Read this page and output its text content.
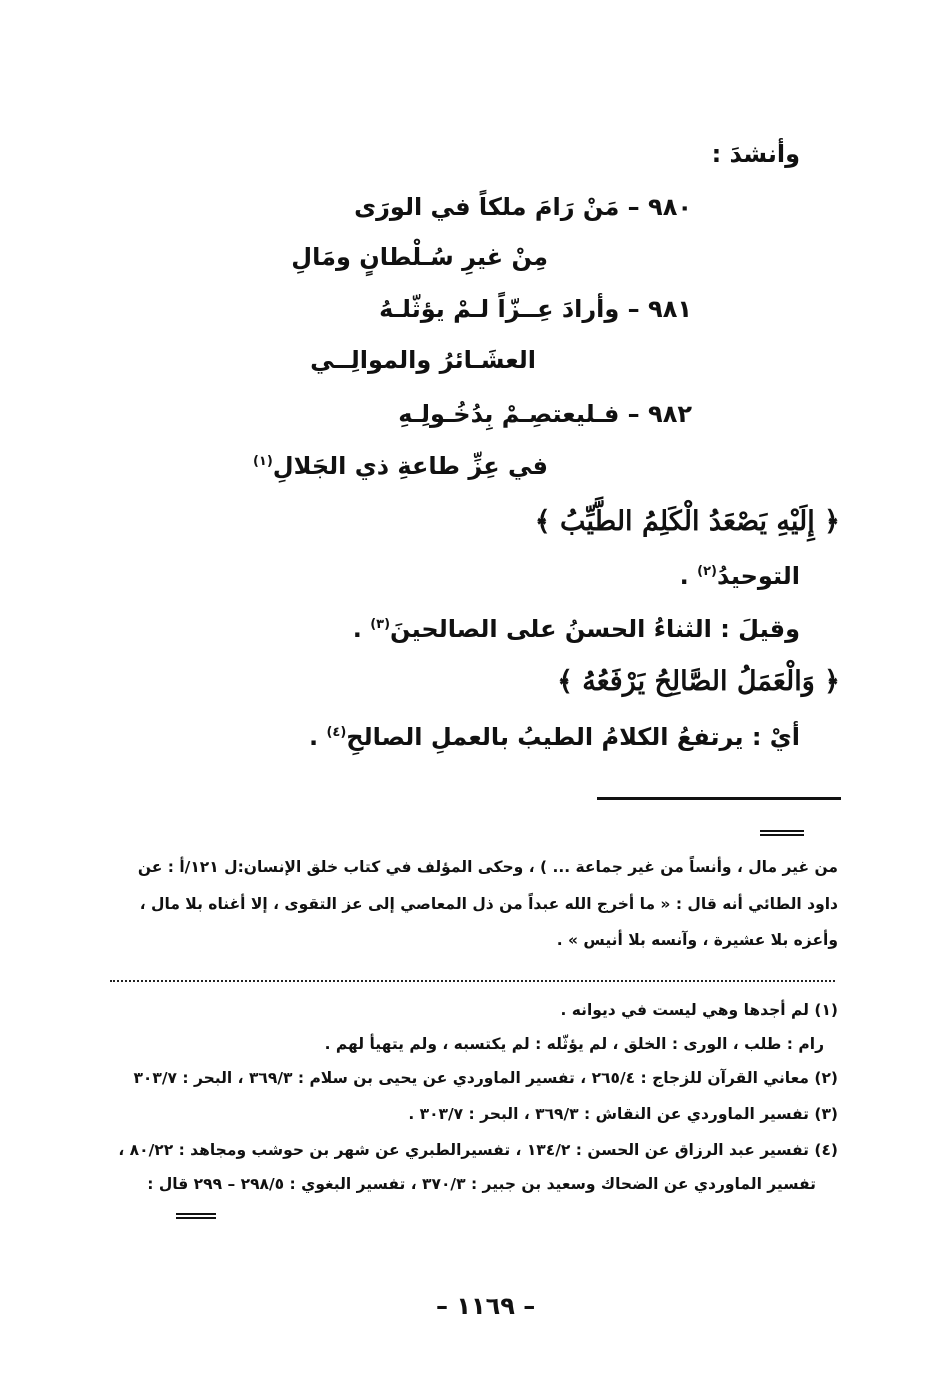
وأنشدَ :
٩٨٠ – مَنْ رَامَ ملكاً في الورَى
مِنْ غيرِ سُـلْطانٍ ومَالِ
٩٨١ – وأرادَ عِــزّاً لـمْ يؤثّلـهُ
العشَـائرُ والموالِــي
٩٨٢ – فـليعتصِـمْ بِدُخُـولِـهِ
في عِزِّ طاعةِ ذي الجَلالِ$^{(١)}$
﴿ إِلَيْهِ يَصْعَدُ الْكَلِمُ الطَّيِّبُ ﴾
التوحيدُ$^{(٢)}$ .
وقيلَ : الثناءُ الحسنُ على الصالحينَ$^{(٣)}$ .
﴿ وَالْعَمَلُ الصَّالِحُ يَرْفَعُهُ ﴾
أيْ : يرتفعُ الكلامُ الطيبُ بالعملِ الصالحِ$^{(٤)}$ .
من غير مال ، وأنساً من غير جماعة ... ) ، وحكى المؤلف في كتاب خلق الإنسان:ل ١٢١/أ : عن
داود الطائي أنه قال : « ما أخرج الله عبداً من ذل المعاصي إلى عز التقوى ، إلا أغناه بلا مال ،
وأعزه بلا عشيرة ، وآنسه بلا أنيس » .
(١) لم أجدها وهي ليست في ديوانه .
رام : طلب ، الورى : الخلق ، لم يؤثّله : لم يكتسبه ، ولم يتهيأ لهم .
(٢) معاني القرآن للزجاج : ٢٦٥/٤ ، تفسير الماوردي عن يحيى بن سلام : ٣٦٩/٣ ، البحر : ٣٠٣/٧
(٣) تفسير الماوردي عن النقاش : ٣٦٩/٣ ، البحر : ٣٠٣/٧ .
(٤) تفسير عبد الرزاق عن الحسن : ١٣٤/٢ ، تفسيرالطبري عن شهر بن حوشب ومجاهد : ٨٠/٢٢ ،
تفسير الماوردي عن الضحاك وسعيد بن جبير : ٣٧٠/٣ ، تفسير البغوي : ٢٩٨/٥ – ٢٩٩ قال :
– ١١٦٩ –
